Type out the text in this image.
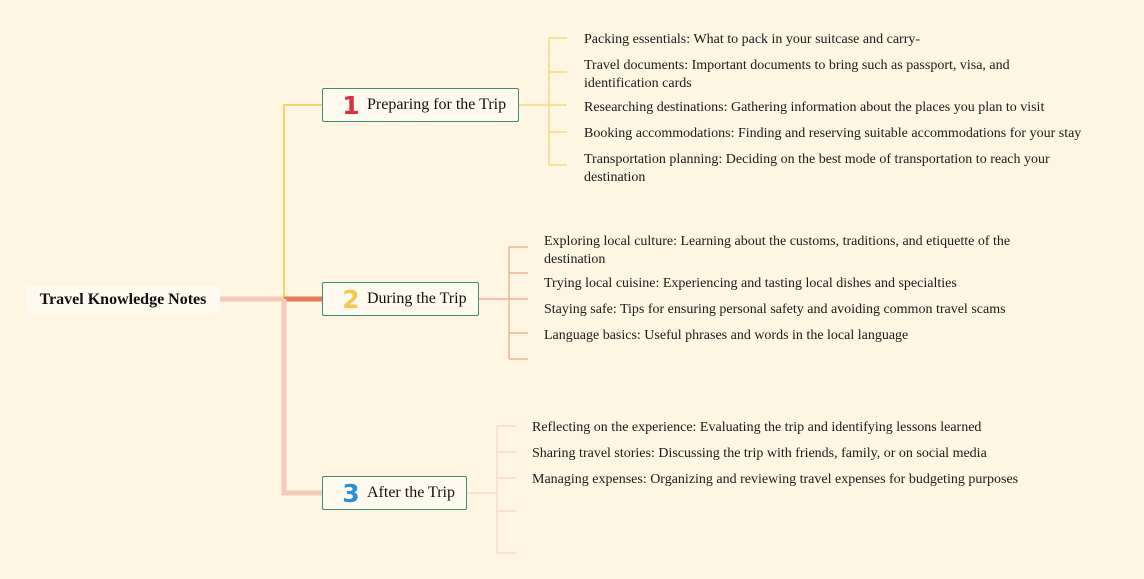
Travel Knowledge Notes
1 Preparing for the Trip
Packing essentials: What to pack in your suitcase and carry-
Travel documents: Important documents to bring such as passport, visa, and identification cards
Researching destinations: Gathering information about the places you plan to visit
Booking accommodations: Finding and reserving suitable accommodations for your stay
Transportation planning: Deciding on the best mode of transportation to reach your destination
2 During the Trip
Exploring local culture: Learning about the customs, traditions, and etiquette of the destination
Trying local cuisine: Experiencing and tasting local dishes and specialties
Staying safe: Tips for ensuring personal safety and avoiding common travel scams
Language basics: Useful phrases and words in the local language
3 After the Trip
Reflecting on the experience: Evaluating the trip and identifying lessons learned
Sharing travel stories: Discussing the trip with friends, family, or on social media
Managing expenses: Organizing and reviewing travel expenses for budgeting purposes
